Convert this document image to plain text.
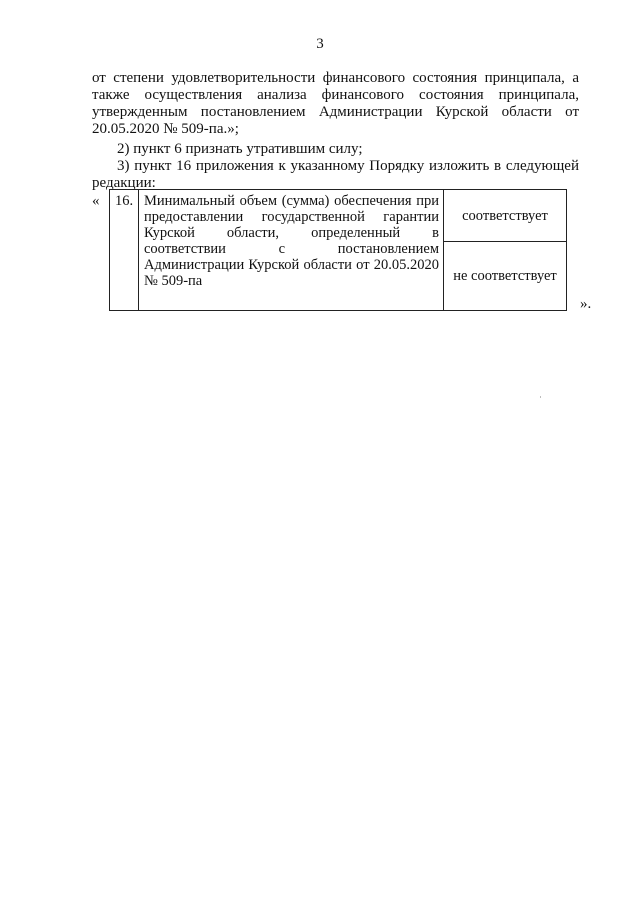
3

от степени удовлетворительности финансового состояния принципала, а также осуществления анализа финансового состояния принципала, утвержденным постановлением Администрации Курской области от 20.05.2020 № 509-па.»;

2) пункт 6 признать утратившим силу;

3) пункт 16 приложения к указанному Порядку изложить в следующей редакции:

« 16.	Минимальный объем (сумма) обеспечения при предоставлении государственной гарантии Курской области, определенный в соответствии с постановлением Администрации Курской области от 20.05.2020 № 509-па	соответствует
не соответствует
».
